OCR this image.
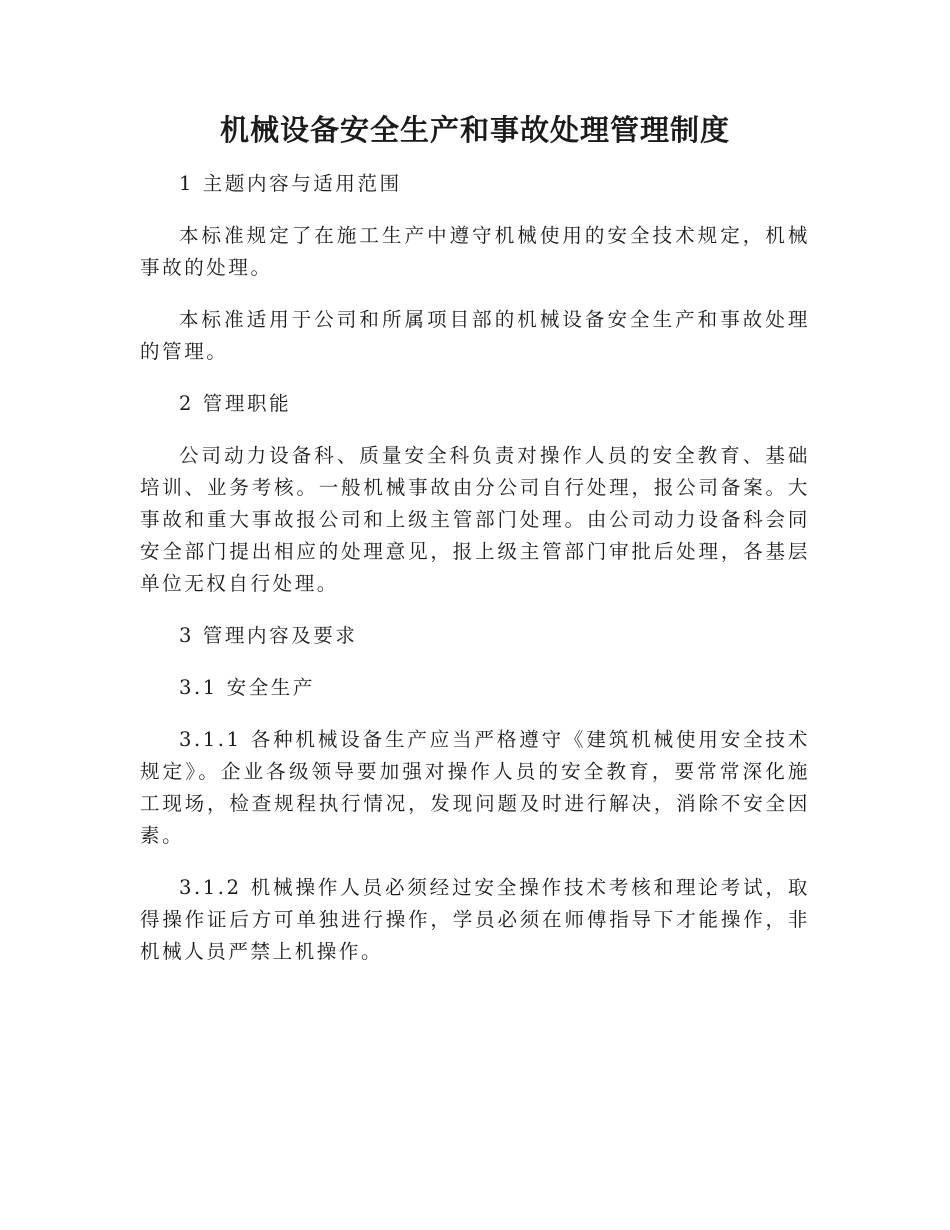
机械设备安全生产和事故处理管理制度

1 主题内容与适用范围

本标准规定了在施工生产中遵守机械使用的安全技术规定，机械事故的处理。

本标准适用于公司和所属项目部的机械设备安全生产和事故处理的管理。

2 管理职能

公司动力设备科、质量安全科负责对操作人员的安全教育、基础培训、业务考核。一般机械事故由分公司自行处理，报公司备案。大事故和重大事故报公司和上级主管部门处理。由公司动力设备科会同安全部门提出相应的处理意见，报上级主管部门审批后处理，各基层单位无权自行处理。

3 管理内容及要求

3.1 安全生产

3.1.1 各种机械设备生产应当严格遵守《建筑机械使用安全技术规定》。企业各级领导要加强对操作人员的安全教育，要常常深化施工现场，检查规程执行情况，发现问题及时进行解决，消除不安全因素。

3.1.2 机械操作人员必须经过安全操作技术考核和理论考试，取得操作证后方可单独进行操作，学员必须在师傅指导下才能操作，非机械人员严禁上机操作。
